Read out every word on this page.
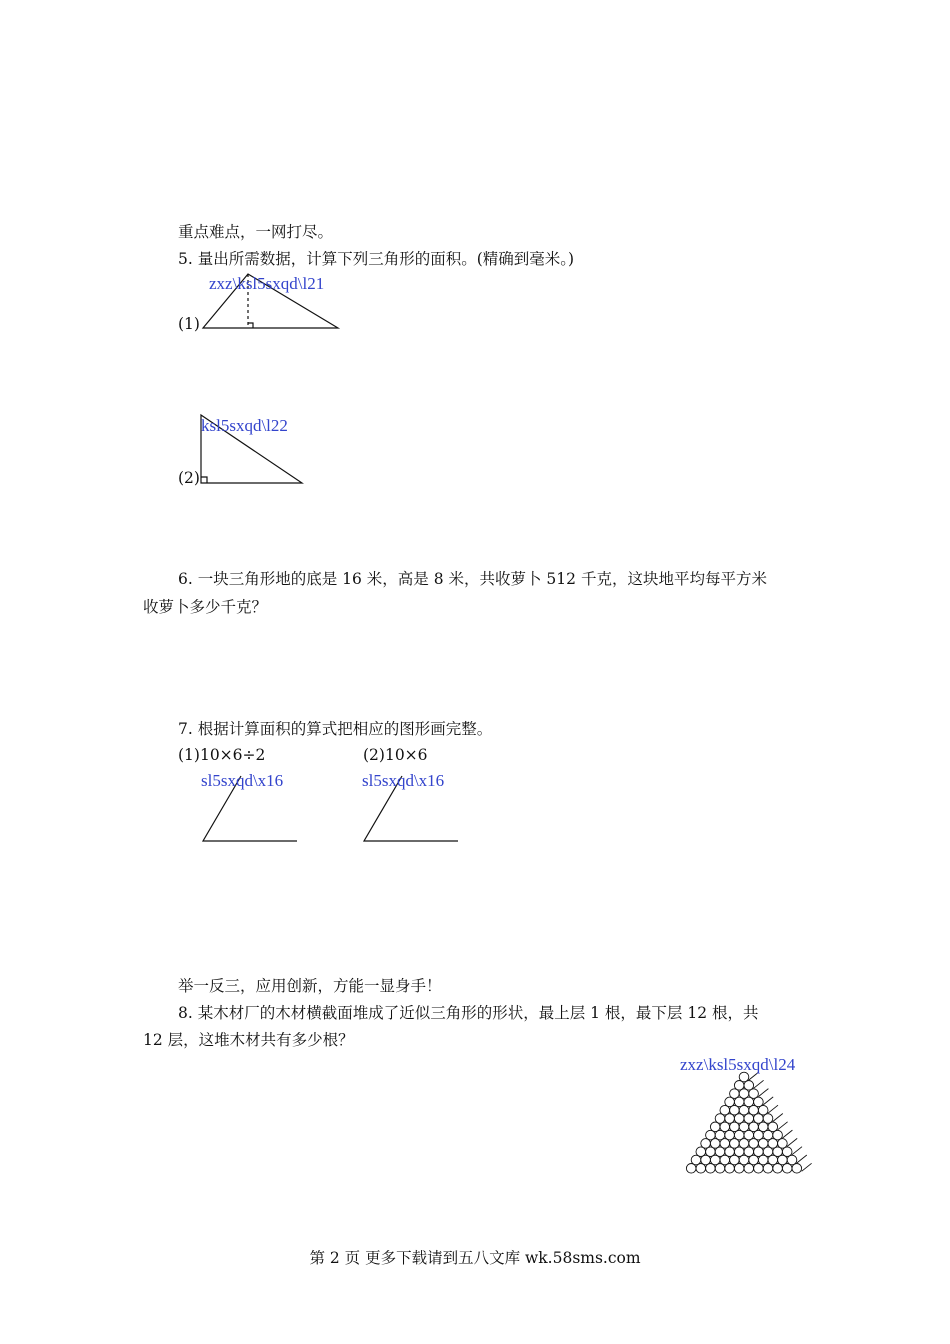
重点难点，一网打尽。
5. 量出所需数据，计算下列三角形的面积。(精确到毫米。)
zxz\ksl5sxqd\l21
(1)
ksl5sxqd\l22
(2)
6. 一块三角形地的底是 16 米，高是 8 米，共收萝卜 512 千克，这块地平均每平方米
收萝卜多少千克？
7. 根据计算面积的算式把相应的图形画完整。
(1)10×6÷2	(2)10×6
sl5sxqd\x16	sl5sxqd\x16
举一反三，应用创新，方能一显身手！
8. 某木材厂的木材横截面堆成了近似三角形的形状，最上层 1 根，最下层 12 根，共
12 层，这堆木材共有多少根？
zxz\ksl5sxqd\l24
第 2 页 更多下载请到五八文库 wk.58sms.com
